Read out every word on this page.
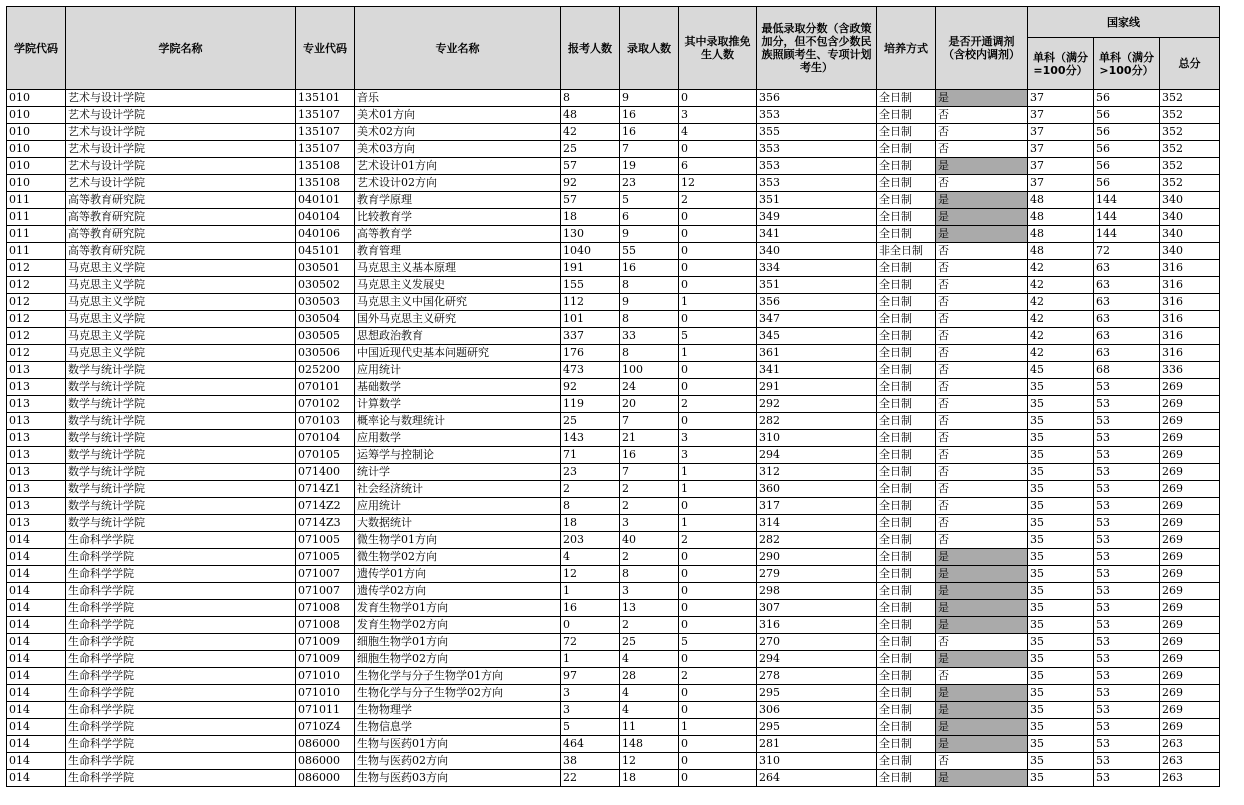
学院代码	学院名称	专业代码	专业名称	报考人数	录取人数	其中录取推免生人数	最低录取分数（含政策加分，但不包含少数民族照顾考生、专项计划考生）	培养方式	是否开通调剂（含校内调剂）	国家线		
										单科（满分=100分）	单科（满分>100分）	总分
010	艺术与设计学院	135101	音乐	8	9	0	356	全日制	是	37	56	352
010	艺术与设计学院	135107	美术01方向	48	16	3	353	全日制	否	37	56	352
010	艺术与设计学院	135107	美术02方向	42	16	4	355	全日制	否	37	56	352
010	艺术与设计学院	135107	美术03方向	25	7	0	353	全日制	否	37	56	352
010	艺术与设计学院	135108	艺术设计01方向	57	19	6	353	全日制	是	37	56	352
010	艺术与设计学院	135108	艺术设计02方向	92	23	12	353	全日制	否	37	56	352
011	高等教育研究院	040101	教育学原理	57	5	2	351	全日制	是	48	144	340
011	高等教育研究院	040104	比较教育学	18	6	0	349	全日制	是	48	144	340
011	高等教育研究院	040106	高等教育学	130	9	0	341	全日制	是	48	144	340
011	高等教育研究院	045101	教育管理	1040	55	0	340	非全日制	否	48	72	340
012	马克思主义学院	030501	马克思主义基本原理	191	16	0	334	全日制	否	42	63	316
012	马克思主义学院	030502	马克思主义发展史	155	8	0	351	全日制	否	42	63	316
012	马克思主义学院	030503	马克思主义中国化研究	112	9	1	356	全日制	否	42	63	316
012	马克思主义学院	030504	国外马克思主义研究	101	8	0	347	全日制	否	42	63	316
012	马克思主义学院	030505	思想政治教育	337	33	5	345	全日制	否	42	63	316
012	马克思主义学院	030506	中国近现代史基本问题研究	176	8	1	361	全日制	否	42	63	316
013	数学与统计学院	025200	应用统计	473	100	0	341	全日制	否	45	68	336
013	数学与统计学院	070101	基础数学	92	24	0	291	全日制	否	35	53	269
013	数学与统计学院	070102	计算数学	119	20	2	292	全日制	否	35	53	269
013	数学与统计学院	070103	概率论与数理统计	25	7	0	282	全日制	否	35	53	269
013	数学与统计学院	070104	应用数学	143	21	3	310	全日制	否	35	53	269
013	数学与统计学院	070105	运筹学与控制论	71	16	3	294	全日制	否	35	53	269
013	数学与统计学院	071400	统计学	23	7	1	312	全日制	否	35	53	269
013	数学与统计学院	0714Z1	社会经济统计	2	2	1	360	全日制	否	35	53	269
013	数学与统计学院	0714Z2	应用统计	8	2	0	317	全日制	否	35	53	269
013	数学与统计学院	0714Z3	大数据统计	18	3	1	314	全日制	否	35	53	269
014	生命科学学院	071005	微生物学01方向	203	40	2	282	全日制	否	35	53	269
014	生命科学学院	071005	微生物学02方向	4	2	0	290	全日制	是	35	53	269
014	生命科学学院	071007	遗传学01方向	12	8	0	279	全日制	是	35	53	269
014	生命科学学院	071007	遗传学02方向	1	3	0	298	全日制	是	35	53	269
014	生命科学学院	071008	发育生物学01方向	16	13	0	307	全日制	是	35	53	269
014	生命科学学院	071008	发育生物学02方向	0	2	0	316	全日制	是	35	53	269
014	生命科学学院	071009	细胞生物学01方向	72	25	5	270	全日制	否	35	53	269
014	生命科学学院	071009	细胞生物学02方向	1	4	0	294	全日制	是	35	53	269
014	生命科学学院	071010	生物化学与分子生物学01方向	97	28	2	278	全日制	否	35	53	269
014	生命科学学院	071010	生物化学与分子生物学02方向	3	4	0	295	全日制	是	35	53	269
014	生命科学学院	071011	生物物理学	3	4	0	306	全日制	是	35	53	269
014	生命科学学院	0710Z4	生物信息学	5	11	1	295	全日制	是	35	53	269
014	生命科学学院	086000	生物与医药01方向	464	148	0	281	全日制	是	35	53	263
014	生命科学学院	086000	生物与医药02方向	38	12	0	310	全日制	否	35	53	263
014	生命科学学院	086000	生物与医药03方向	22	18	0	264	全日制	是	35	53	263
